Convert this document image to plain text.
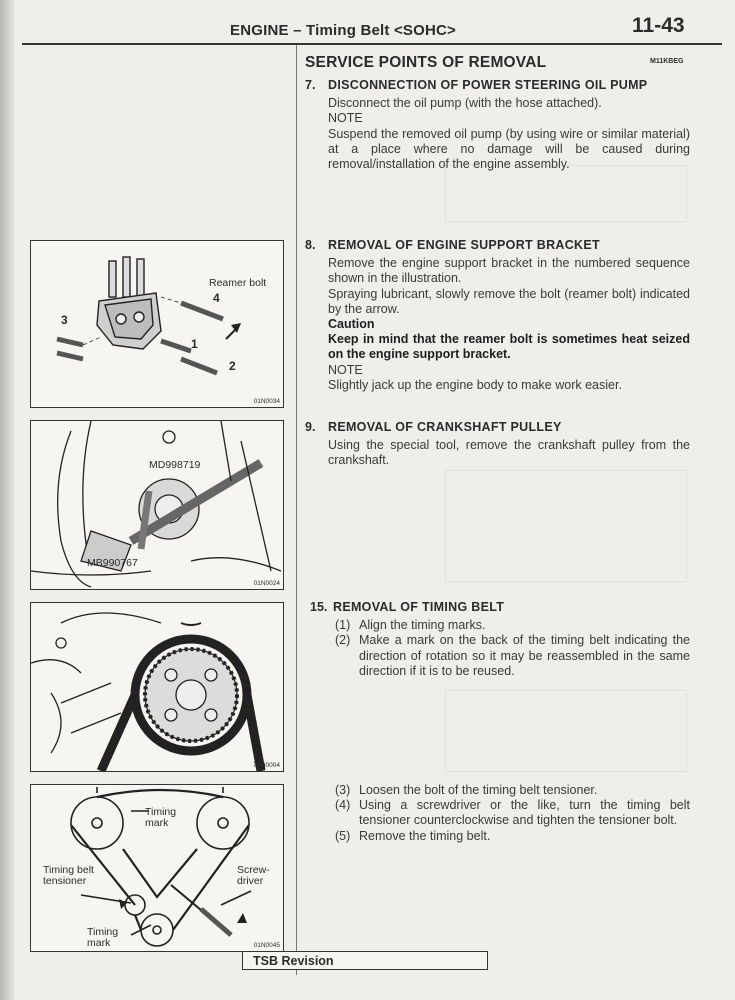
ENGINE – Timing Belt <SOHC>	11-43
SERVICE POINTS OF REMOVAL	M11KBEG
7. DISCONNECTION OF POWER STEERING OIL PUMP

Disconnect the oil pump (with the hose attached).

NOTE

Suspend the removed oil pump (by using wire or similar material) at a place where no damage will be caused during removal/installation of the engine assembly.

8. REMOVAL OF ENGINE SUPPORT BRACKET

Remove the engine support bracket in the numbered sequence shown in the illustration.

Spraying lubricant, slowly remove the bolt (reamer bolt) indicated by the arrow.

Caution

Keep in mind that the reamer bolt is sometimes heat seized on the engine support bracket.

NOTE

Slightly jack up the engine body to make work easier.

9. REMOVAL OF CRANKSHAFT PULLEY

Using the special tool, remove the crankshaft pulley from the crankshaft.

15. REMOVAL OF TIMING BELT
(1) Align the timing marks.
(2) Make a mark on the back of the timing belt indicating the direction of rotation so it may be reassembled in the same direction if it is to be reused.
(3) Loosen the bolt of the timing belt tensioner.
(4) Using a screwdriver or the like, turn the timing belt tensioner counterclockwise and tighten the tensioner bolt.
(5) Remove the timing belt.
Reamer bolt
4
1
2
3
01N0034
MD998719
MB990767
01N0024
7EN0004
Timing mark
Timing belt tensioner
Screw-driver
Timing mark	01N0045
TSB Revision
